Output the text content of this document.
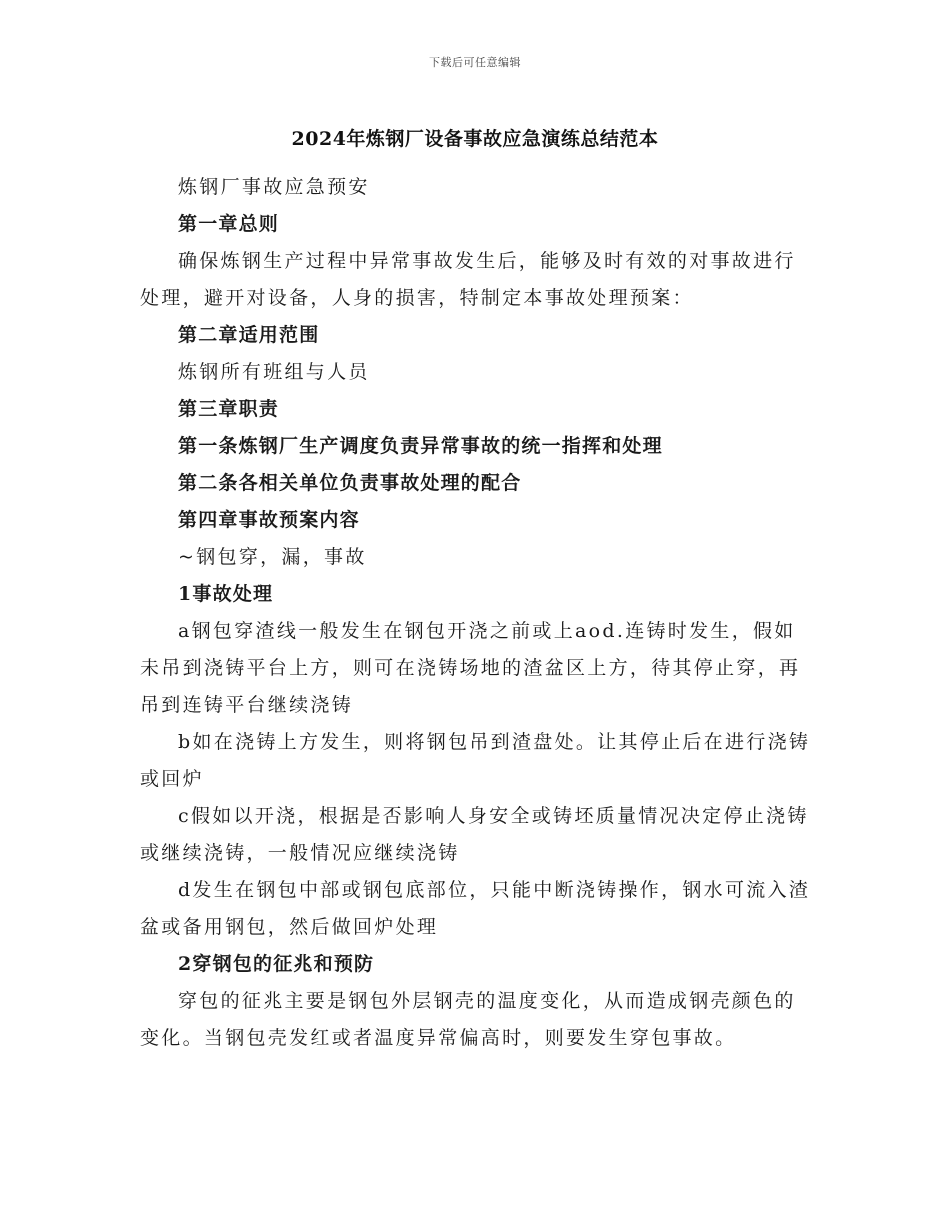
下载后可任意编辑
2024年炼钢厂设备事故应急演练总结范本

炼钢厂事故应急预安

第一章总则

确保炼钢生产过程中异常事故发生后，能够及时有效的对事故进行处理，避开对设备，人身的损害，特制定本事故处理预案：

第二章适用范围

炼钢所有班组与人员

第三章职责

第一条炼钢厂生产调度负责异常事故的统一指挥和处理

第二条各相关单位负责事故处理的配合

第四章事故预案内容

~钢包穿，漏，事故

1事故处理

a钢包穿渣线一般发生在钢包开浇之前或上aod.连铸时发生，假如未吊到浇铸平台上方，则可在浇铸场地的渣盆区上方，待其停止穿，再吊到连铸平台继续浇铸

b如在浇铸上方发生，则将钢包吊到渣盘处。让其停止后在进行浇铸或回炉

c假如以开浇，根据是否影响人身安全或铸坯质量情况决定停止浇铸或继续浇铸，一般情况应继续浇铸

d发生在钢包中部或钢包底部位，只能中断浇铸操作，钢水可流入渣盆或备用钢包，然后做回炉处理

2穿钢包的征兆和预防

穿包的征兆主要是钢包外层钢壳的温度变化，从而造成钢壳颜色的变化。当钢包壳发红或者温度异常偏高时，则要发生穿包事故。
